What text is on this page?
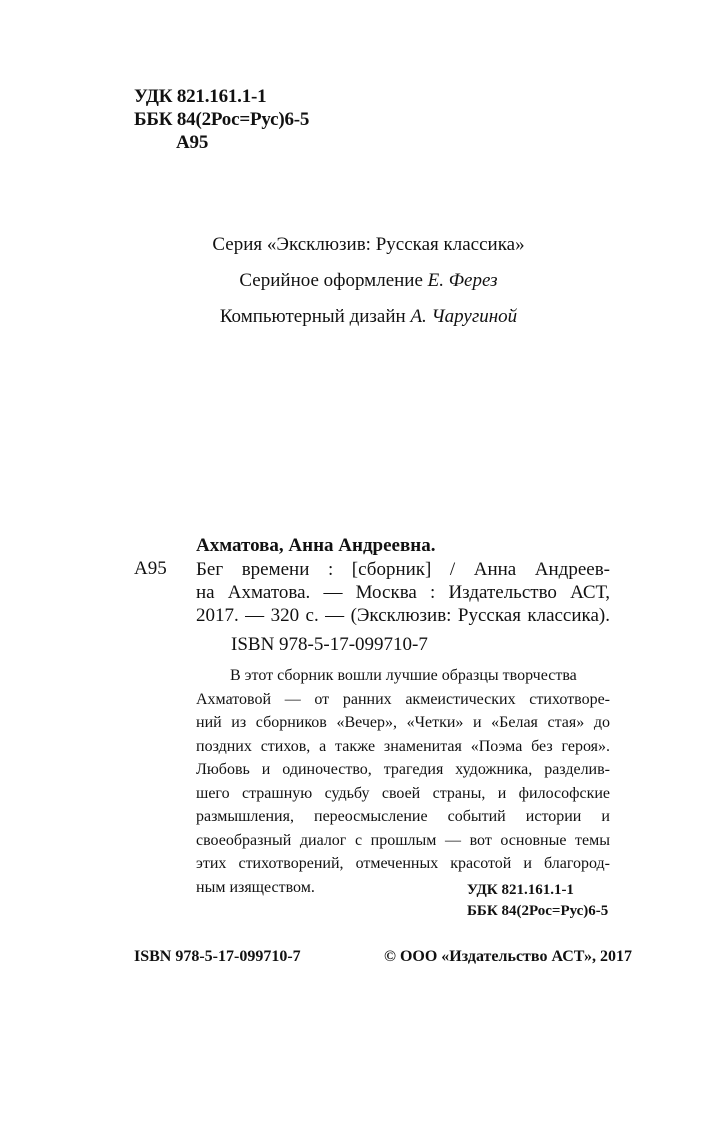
УДК 821.161.1-1
ББК 84(2Рос=Рус)6-5
А95
Серия «Эксклюзив: Русская классика»
Серийное оформление Е. Ферез
Компьютерный дизайн А. Чаругиной
Ахматова, Анна Андреевна.
А95 Бег времени : [сборник] / Анна Андреев-
на Ахматова. — Москва : Издательство АСТ,
2017. — 320 с. — (Эксклюзив: Русская классика).
ISBN 978-5-17-099710-7
В этот сборник вошли лучшие образцы творчества
Ахматовой — от ранних акмеистических стихотворе-
ний из сборников «Вечер», «Четки» и «Белая стая» до
поздних стихов, а также знаменитая «Поэма без героя».
Любовь и одиночество, трагедия художника, разделив-
шего страшную судьбу своей страны, и философские
размышления, переосмысление событий истории и
своеобразный диалог с прошлым — вот основные темы
этих стихотворений, отмеченных красотой и благород-
ным изяществом.	УДК 821.161.1-1
ББК 84(2Рос=Рус)6-5
ISBN 978-5-17-099710-7	© ООО «Издательство АСТ», 2017
